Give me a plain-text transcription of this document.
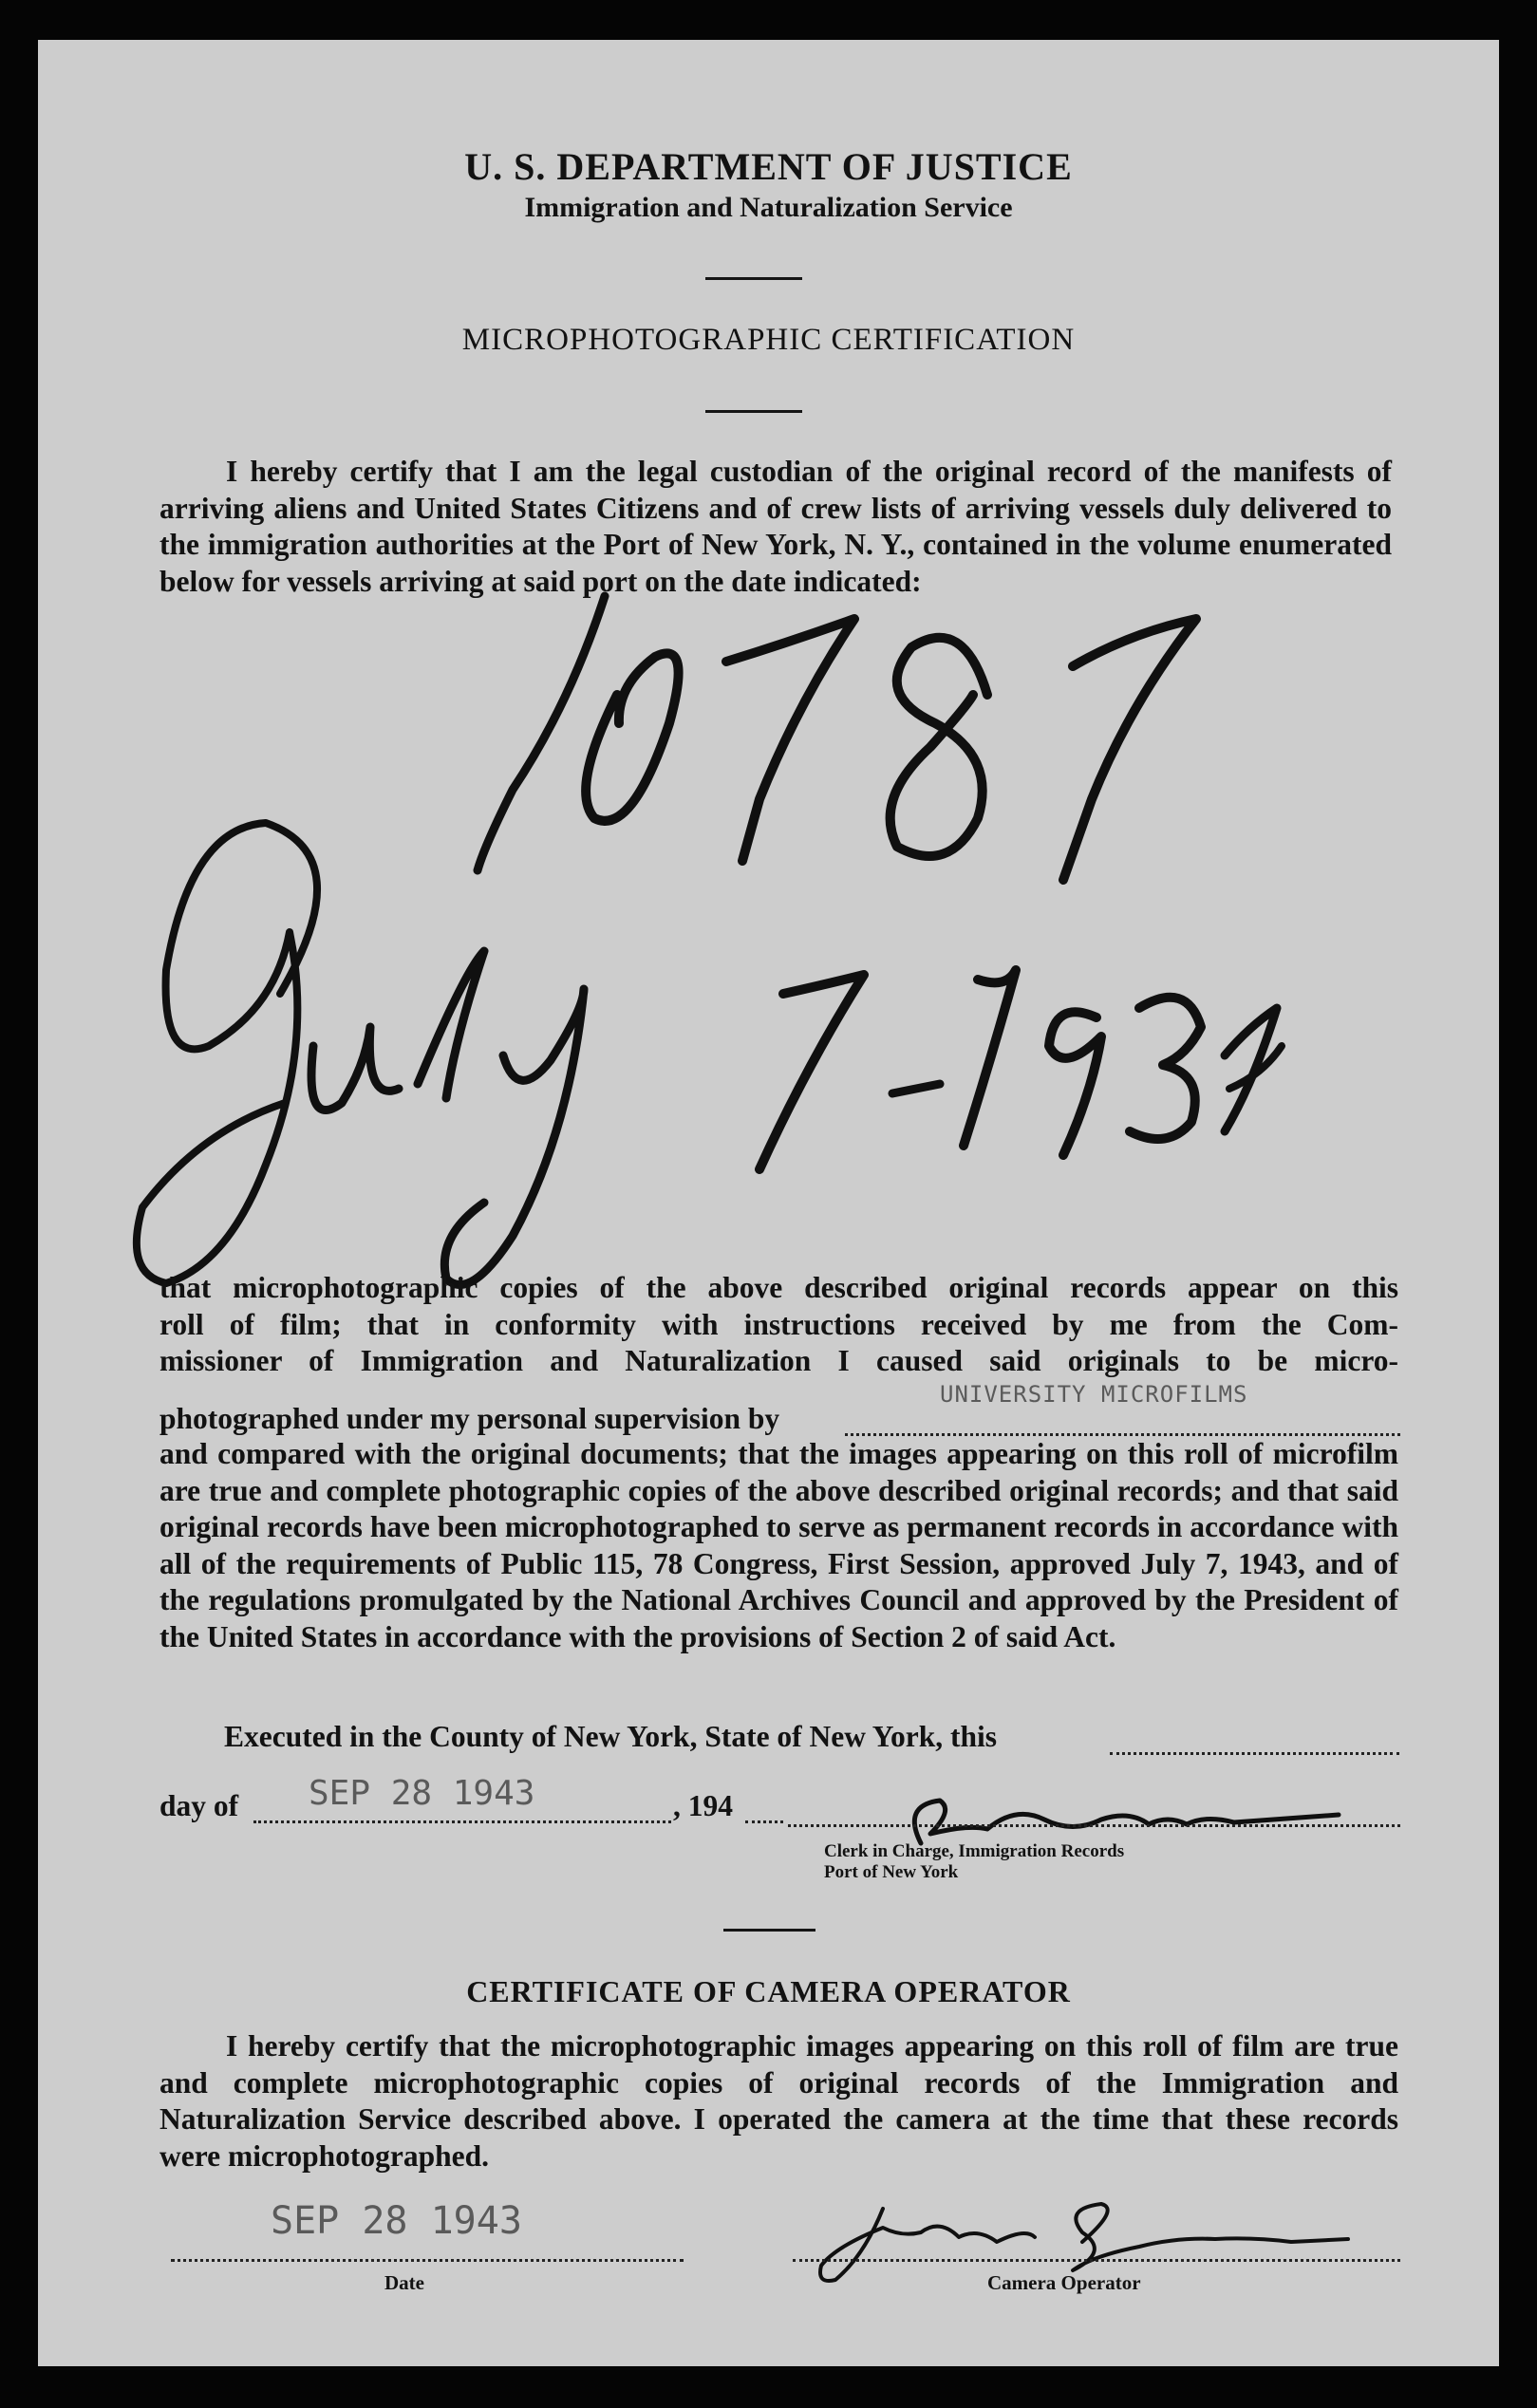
U. S. DEPARTMENT OF JUSTICE
Immigration and Naturalization Service
MICROPHOTOGRAPHIC CERTIFICATION
I hereby certify that I am the legal custodian of the original record of the manifests of arriving aliens and United States Citizens and of crew lists of arriving vessels duly delivered to the immigration authorities at the Port of New York, N. Y., contained in the volume enumerated below for vessels arriving at said port on the date indicated:
that microphotographic copies of the above described original records appear on this
roll of film; that in conformity with instructions received by me from the Com-
missioner of Immigration and Naturalization I caused said originals to be micro-
photographed under my personal supervision by
UNIVERSITY MICROFILMS
and compared with the original documents; that the images appearing on this roll of microfilm are true and complete photographic copies of the above described original records; and that said original records have been microphotographed to serve as permanent records in accordance with all of the requirements of Public 115, 78 Congress, First Session, approved July 7, 1943, and of the regulations promulgated by the National Archives Council and approved by the President of the United States in accordance with the provisions of Section 2 of said Act.
Executed in the County of New York, State of New York, this
day of SEP 28 1943	, 194
Clerk in Charge, Immigration Records
Port of New York
CERTIFICATE OF CAMERA OPERATOR
I hereby certify that the microphotographic images appearing on this roll of film are true and complete microphotographic copies of original records of the Immigration and Naturalization Service described above. I operated the camera at the time that these records were microphotographed.
SEP 28 1943
Date	Camera Operator
